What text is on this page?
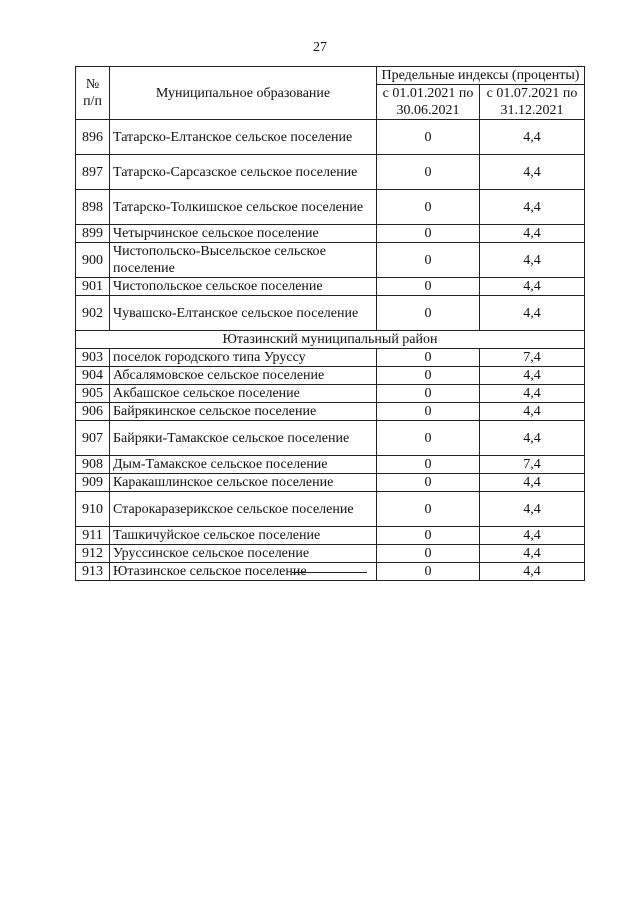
27
№ п/п	Муниципальное образование	Предельные индексы (проценты)	
		с 01.01.2021 по 30.06.2021	с 01.07.2021 по 31.12.2021
896	Татарско-Елтанское сельское поселение	0	4,4
897	Татарско-Сарсазское сельское поселение	0	4,4
898	Татарско-Толкишское сельское поселение	0	4,4
899	Четырчинское сельское поселение	0	4,4
900	Чистопольско-Высельское сельское поселение	0	4,4
901	Чистопольское сельское поселение	0	4,4
902	Чувашско-Елтанское сельское поселение	0	4,4
Ютазинский муниципальный район			
903	поселок городского типа Уруссу	0	7,4
904	Абсалямовское сельское поселение	0	4,4
905	Акбашское сельское поселение	0	4,4
906	Байрякинское сельское поселение	0	4,4
907	Байряки-Тамакское сельское поселение	0	4,4
908	Дым-Тамакское сельское поселение	0	7,4
909	Каракашлинское сельское поселение	0	4,4
910	Старокаразерикское сельское поселение	0	4,4
911	Ташкичуйское сельское поселение	0	4,4
912	Уруссинское сельское поселение	0	4,4
913	Ютазинское сельское поселение	0	4,4
